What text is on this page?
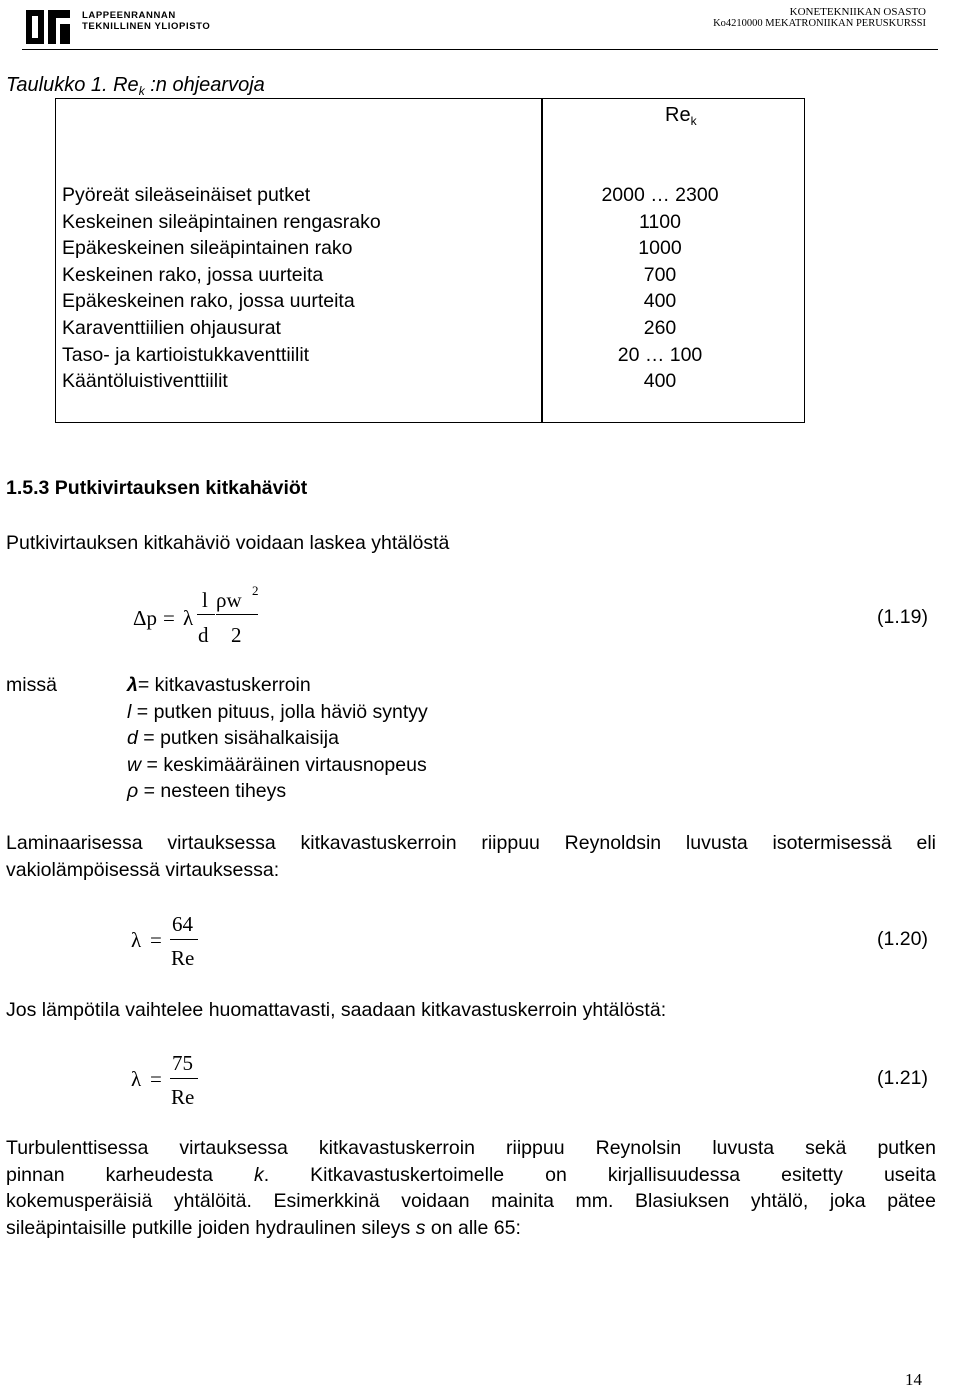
LAPPEENRANNAN
TEKNILLINEN YLIOPISTO
KONETEKNIIKAN OSASTO
Ko4210000 MEKATRONIIKAN PERUSKURSSI
Taulukko 1. $Re_k$ :n ohjearvoja
$Re_k$
Pyöreät sileäseinäiset putket
Keskeinen sileäpintainen rengasrako
Epäkeskeinen sileäpintainen rako
Keskeinen rako, jossa uurteita
Epäkeskeinen rako, jossa uurteita
Karaventtiilien ohjausurat
Taso- ja kartioistukkaventtiilit
Kääntöluistiventtiilit
2000 … 2300
1100
1000
700
400
260
20 … 100
400
1.5.3 Putkivirtauksen kitkahäviöt
Putkivirtauksen kitkahäviö voidaan laskea yhtälöstä
Δp = λ
l
d
ρw 2
2
(1.19)
missä	λ= kitkavastuskerroin
l = putken pituus, jolla häviö syntyy
d = putken sisähalkaisija
w = keskimääräinen virtausnopeus
ρ = nesteen tiheys
Laminaarisessa virtauksessa kitkavastuskerroin riippuu Reynoldsin luvusta isotermisessä eli
vakiolämpöisessä virtauksessa:
λ =
64
Re
(1.20)
Jos lämpötila vaihtelee huomattavasti, saadaan kitkavastuskerroin yhtälöstä:
λ =
75
Re
(1.21)
Turbulenttisessa virtauksessa kitkavastuskerroin riippuu Reynolsin luvusta sekä putken
pinnan karheudesta k. Kitkavastuskertoimelle on kirjallisuudessa esitetty useita
kokemusperäisiä yhtälöitä. Esimerkkinä voidaan mainita mm. Blasiuksen yhtälö, joka pätee
sileäpintaisille putkille joiden hydraulinen sileys s on alle 65:
14
